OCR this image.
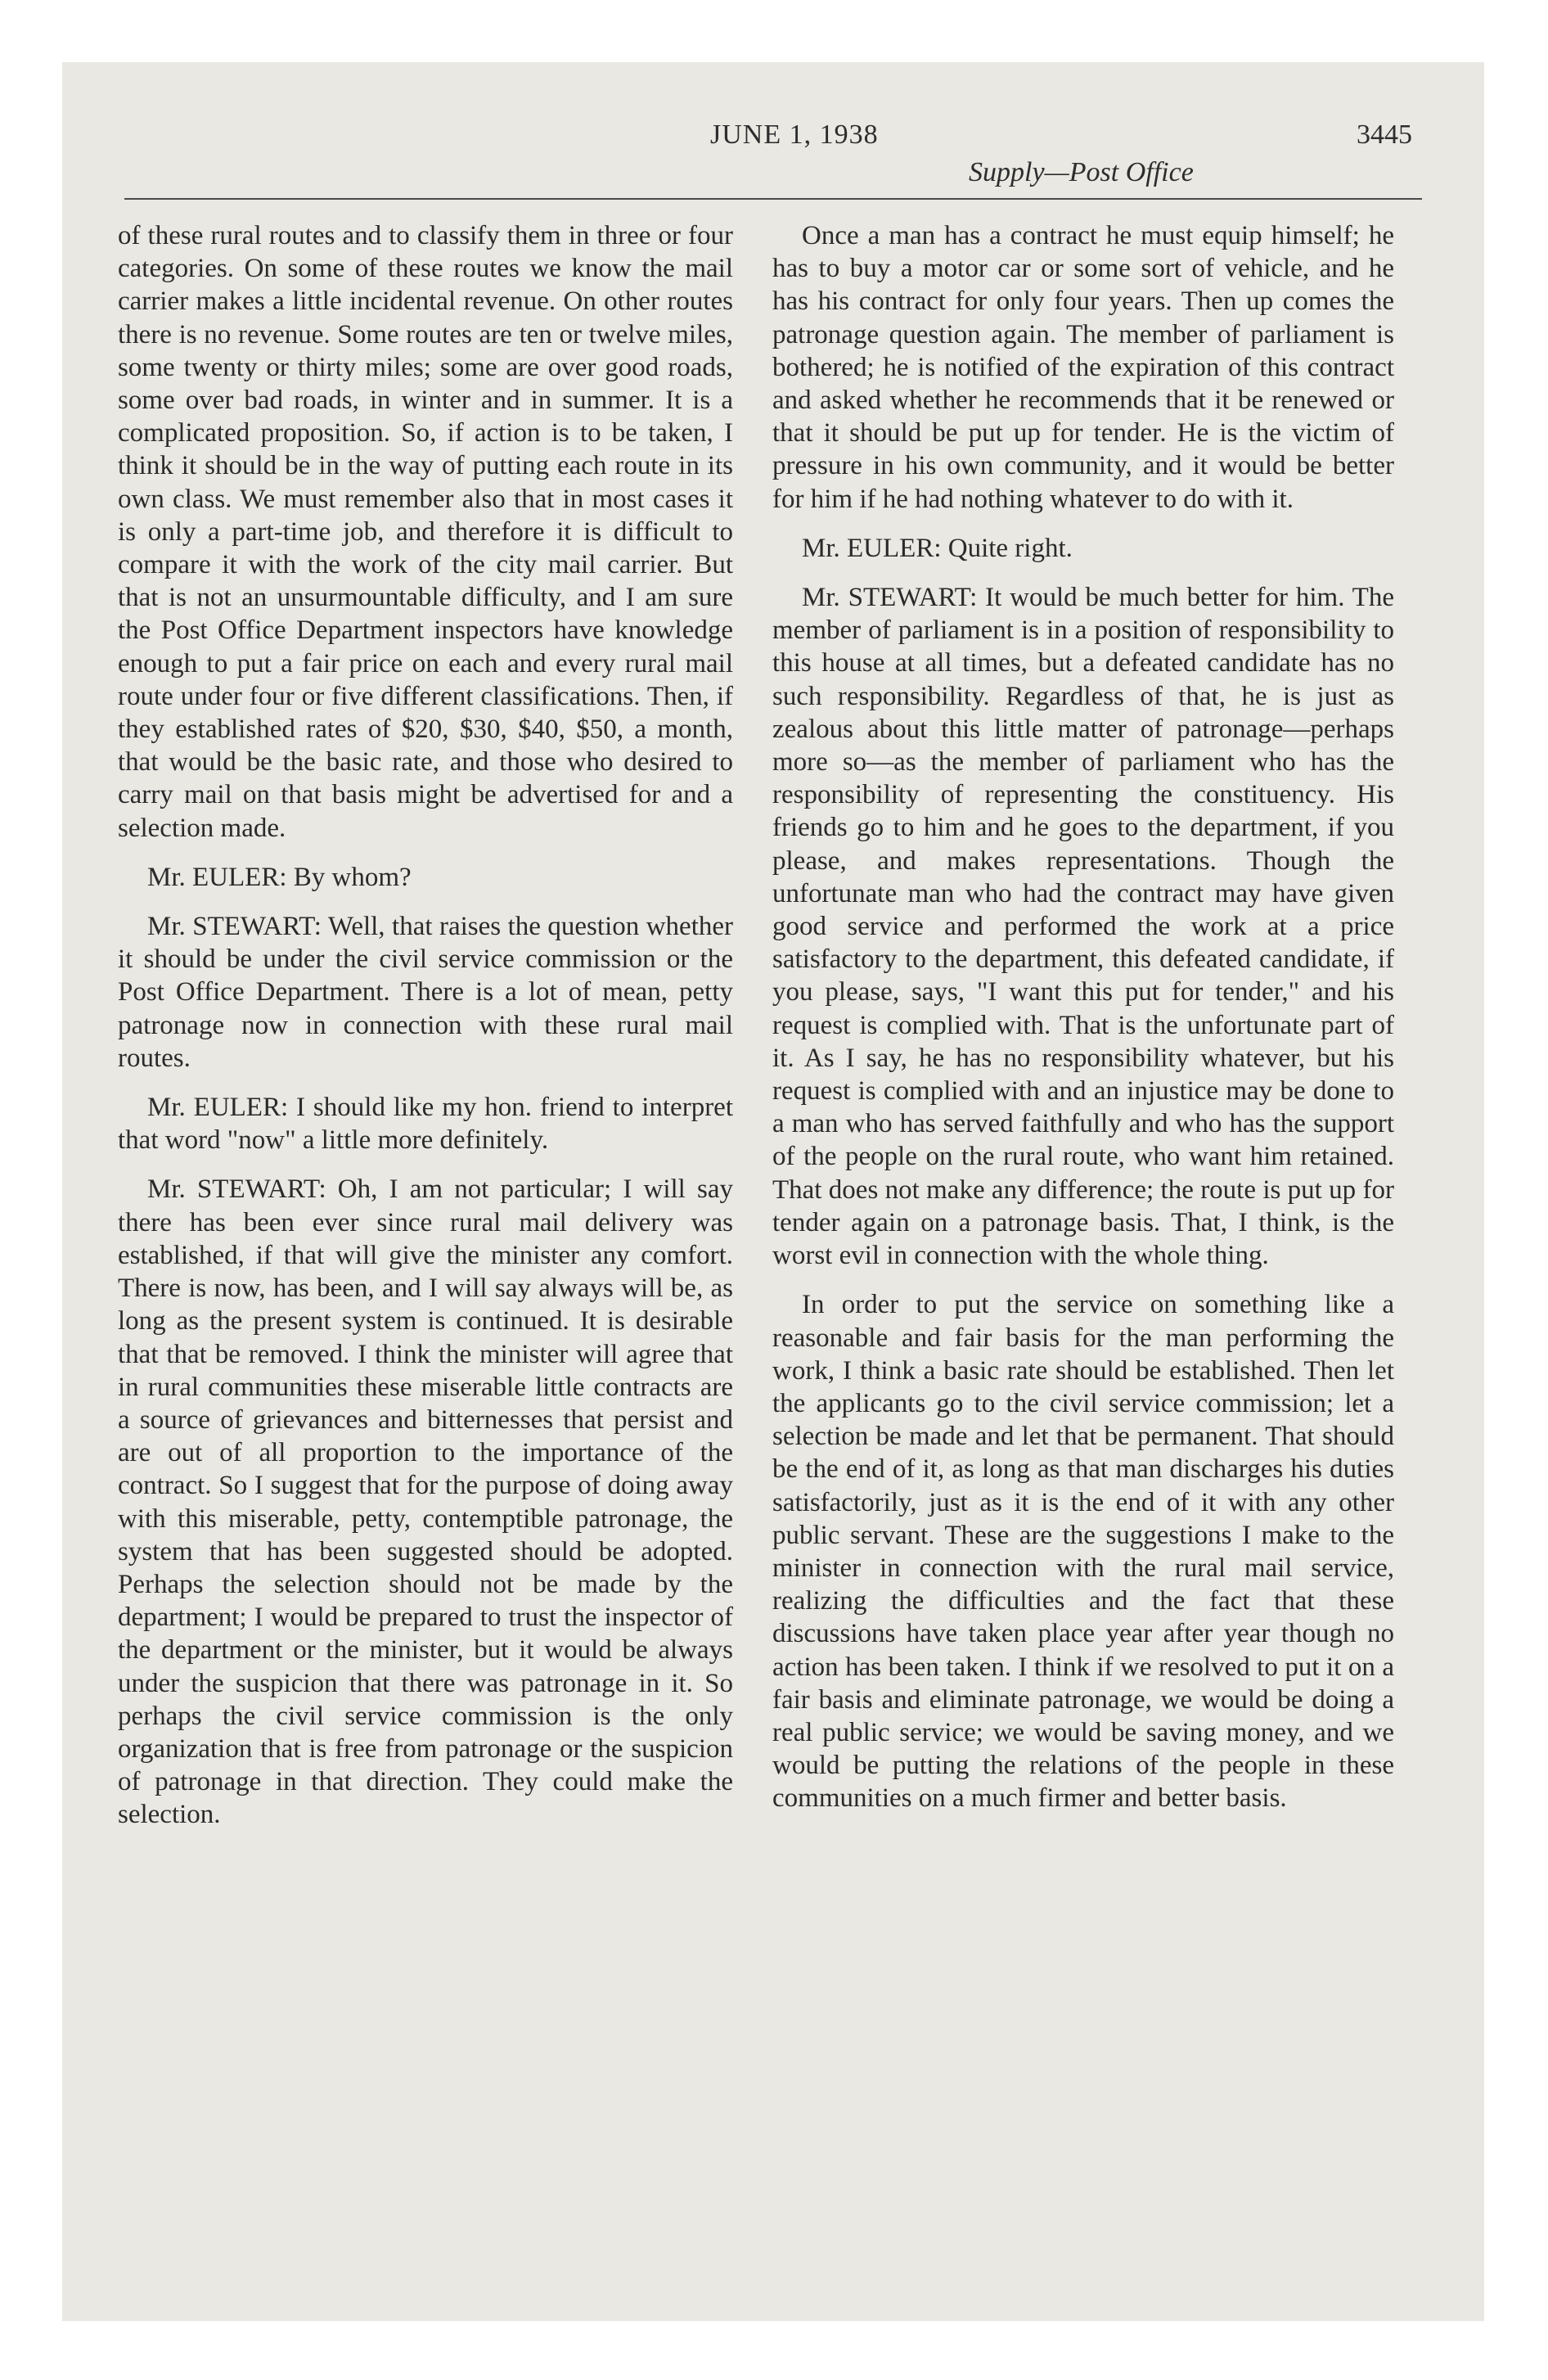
JUNE 1, 1938
Supply—Post Office
3445

of these rural routes and to classify them in three or four categories. On some of these routes we know the mail carrier makes a little incidental revenue. On other routes there is no revenue. Some routes are ten or twelve miles, some twenty or thirty miles; some are over good roads, some over bad roads, in winter and in summer. It is a complicated proposition. So, if action is to be taken, I think it should be in the way of putting each route in its own class. We must remember also that in most cases it is only a part-time job, and therefore it is difficult to compare it with the work of the city mail carrier. But that is not an unsurmountable difficulty, and I am sure the Post Office Department inspectors have knowledge enough to put a fair price on each and every rural mail route under four or five different classifications. Then, if they established rates of $20, $30, $40, $50, a month, that would be the basic rate, and those who desired to carry mail on that basis might be advertised for and a selection made.

Mr. EULER: By whom?

Mr. STEWART: Well, that raises the question whether it should be under the civil service commission or the Post Office Department. There is a lot of mean, petty patronage now in connection with these rural mail routes.

Mr. EULER: I should like my hon. friend to interpret that word "now" a little more definitely.

Mr. STEWART: Oh, I am not particular; I will say there has been ever since rural mail delivery was established, if that will give the minister any comfort. There is now, has been, and I will say always will be, as long as the present system is continued. It is desirable that that be removed. I think the minister will agree that in rural communities these miserable little contracts are a source of grievances and bitternesses that persist and are out of all proportion to the importance of the contract. So I suggest that for the purpose of doing away with this miserable, petty, contemptible patronage, the system that has been suggested should be adopted. Perhaps the selection should not be made by the department; I would be prepared to trust the inspector of the department or the minister, but it would be always under the suspicion that there was patronage in it. So perhaps the civil service commission is the only organization that is free from patronage or the suspicion of patronage in that direction. They could make the selection.

Once a man has a contract he must equip himself; he has to buy a motor car or some sort of vehicle, and he has his contract for only four years. Then up comes the patronage question again. The member of parliament is bothered; he is notified of the expiration of this contract and asked whether he recommends that it be renewed or that it should be put up for tender. He is the victim of pressure in his own community, and it would be better for him if he had nothing whatever to do with it.

Mr. EULER: Quite right.

Mr. STEWART: It would be much better for him. The member of parliament is in a position of responsibility to this house at all times, but a defeated candidate has no such responsibility. Regardless of that, he is just as zealous about this little matter of patronage—perhaps more so—as the member of parliament who has the responsibility of representing the constituency. His friends go to him and he goes to the department, if you please, and makes representations. Though the unfortunate man who had the contract may have given good service and performed the work at a price satisfactory to the department, this defeated candidate, if you please, says, "I want this put for tender," and his request is complied with. That is the unfortunate part of it. As I say, he has no responsibility whatever, but his request is complied with and an injustice may be done to a man who has served faithfully and who has the support of the people on the rural route, who want him retained. That does not make any difference; the route is put up for tender again on a patronage basis. That, I think, is the worst evil in connection with the whole thing.

In order to put the service on something like a reasonable and fair basis for the man performing the work, I think a basic rate should be established. Then let the applicants go to the civil service commission; let a selection be made and let that be permanent. That should be the end of it, as long as that man discharges his duties satisfactorily, just as it is the end of it with any other public servant. These are the suggestions I make to the minister in connection with the rural mail service, realizing the difficulties and the fact that these discussions have taken place year after year though no action has been taken. I think if we resolved to put it on a fair basis and eliminate patronage, we would be doing a real public service; we would be saving money, and we would be putting the relations of the people in these communities on a much firmer and better basis.
